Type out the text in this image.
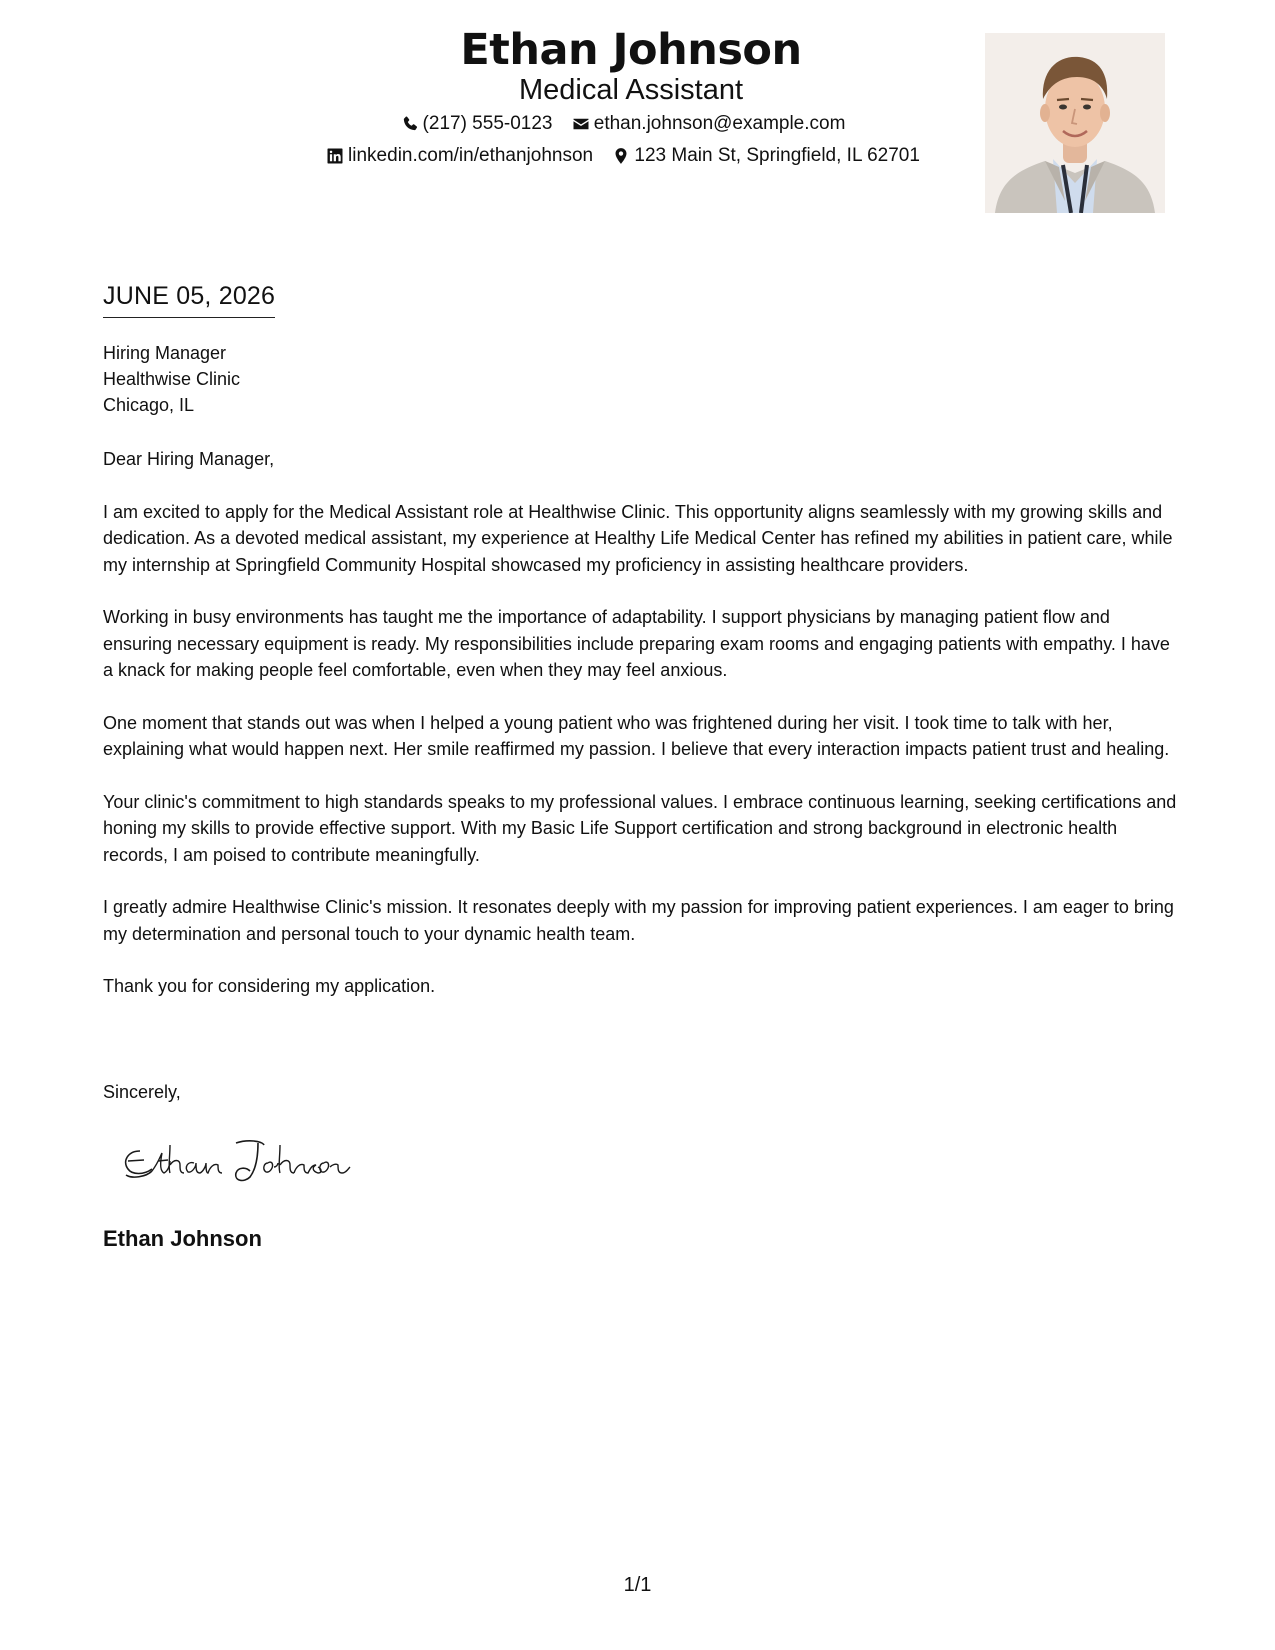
Ethan Johnson
Medical Assistant
(217) 555-0123
ethan.johnson@example.com
linkedin.com/in/ethanjohnson
123 Main St, Springfield, IL 62701
JUNE 05, 2026
Hiring Manager
Healthwise Clinic
Chicago, IL

Dear Hiring Manager,

I am excited to apply for the Medical Assistant role at Healthwise Clinic. This opportunity aligns seamlessly with my growing skills and dedication. As a devoted medical assistant, my experience at Healthy Life Medical Center has refined my abilities in patient care, while my internship at Springfield Community Hospital showcased my proficiency in assisting healthcare providers.

Working in busy environments has taught me the importance of adaptability. I support physicians by managing patient flow and ensuring necessary equipment is ready. My responsibilities include preparing exam rooms and engaging patients with empathy. I have a knack for making people feel comfortable, even when they may feel anxious.

One moment that stands out was when I helped a young patient who was frightened during her visit. I took time to talk with her, explaining what would happen next. Her smile reaffirmed my passion. I believe that every interaction impacts patient trust and healing.

Your clinic's commitment to high standards speaks to my professional values. I embrace continuous learning, seeking certifications and honing my skills to provide effective support. With my Basic Life Support certification and strong background in electronic health records, I am poised to contribute meaningfully.

I greatly admire Healthwise Clinic's mission. It resonates deeply with my passion for improving patient experiences. I am eager to bring my determination and personal touch to your dynamic health team.

Thank you for considering my application.

Sincerely,
Ethan Johnson
1/1
